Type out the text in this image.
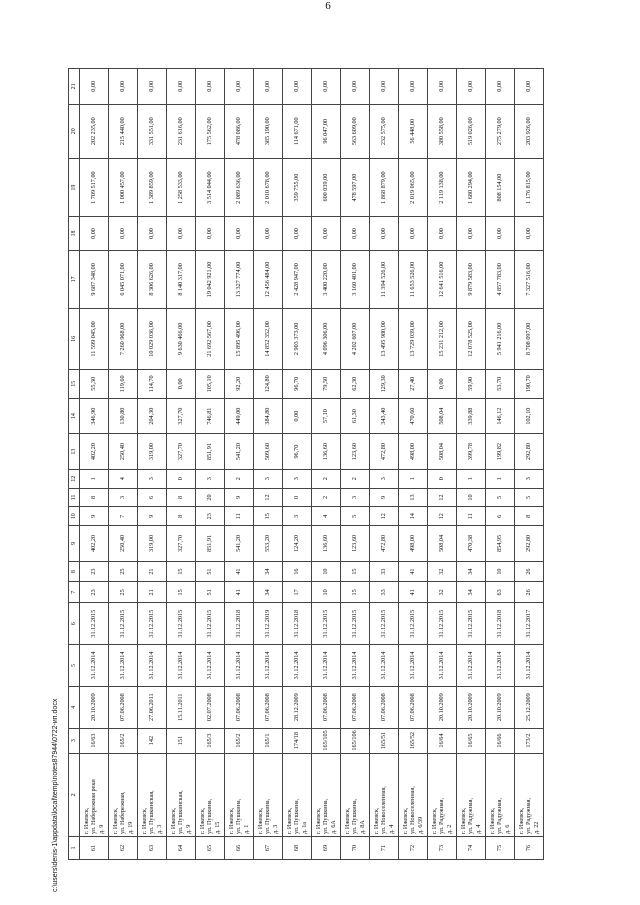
6
1	2	3	4	5	6	7	8	9	10	11	12	13	14	15	16	17	18	19	20	21
61	г. Ижевск,
ул. Набережная реки
д. 9	16/63	20.10.2009	31.12.2014	31.12.2015	23	23	402,20	9	8	1	402,20	346,90	55,30	11 599 045,00	9 687 348,00	0,00	1 709 517,00	202 235,00	0,00
62	г. Ижевск,
ул. Набережная,
д. 19	165/2	07.06.2008	31.12.2014	31.12.2015	25	25	250,40	7	3	4	250,40	130,80	119,60	7 260 968,00	6 045 071,00	0,00	1 000 457,00	215 440,00	0,00
63	г. Ижевск,
ул. Пушкинская,
д. 3	142	27.06.2011	31.12.2014	31.12.2015	21	21	319,00	9	6	3	319,00	204,30	114,70	10 029 036,00	8 306 626,00	0,00	1 389 859,00	331 551,00	0,00
64	г. Ижевск,
ул. Пушкинская,
д. 9	151	15.11.2011	31.12.2014	31.12.2015	15	15	327,70	8	8	0	327,70	327,70	0,00	9 630 466,00	8 140 317,00	0,00	1 258 533,00	231 616,00	0,00
65	г. Ижевск,
ул. Пушкина,
д. 15	165/3	02.07.2008	31.12.2014	31.12.2015	51	51	851,91	23	20	3	851,91	746,81	105,10	21 692 567,00	19 042 921,00	0,00	3 514 044,00	175 562,00	0,00
66	г. Ижевск,
ул. Пушкина,
д. 1	165/2	07.06.2008	31.12.2014	31.12.2018	41	41	541,20	11	9	2	541,20	449,00	92,20	15 895 496,00	13 327 774,00	0,00	2 089 636,00	478 086,00	0,00
67	г. Ижевск,
ул. Пушкина,
д. 3	165/1	07.06.2008	31.12.2014	31.12.2019	34	34	553,20	15	12	3	509,60	384,80	124,80	14 852 352,00	12 456 484,00	0,00	2 010 678,00	385 190,00	0,00
68	г. Ижевск,
ул. Пушкина,
д. 1а	174/18	28.12.2009	31.12.2014	31.12.2018	17	16	124,20	3	0	3	96,70	0,00	96,70	2 903 373,00	2 428 947,00	0,00	359 755,00	114 671,00	0,00
69	г. Ижевск,
ул. Пушкина,
д. 6А	165/105	07.06.2008	31.12.2014	31.12.2015	10	10	136,60	4	2	2	136,60	57,10	79,50	4 096 306,00	3 400 220,00	0,00	600 039,00	96 047,00	0,00
70	г. Ижевск,
ул. Пушкина,
д. 8А	165/106	07.06.2008	31.12.2014	31.12.2015	15	15	123,60	5	3	2	123,60	61,30	62,30	4 202 607,00	3 160 401,00	0,00	478 597,00	563 609,00	0,00
71	г. Ижевск,
ул. Новоселенная,
д. 4	165/51	07.06.2008	31.12.2014	31.12.2015	33	33	472,80	12	9	3	472,80	343,40	129,30	13 495 980,00	11 394 526,00	0,00	1 868 879,00	232 575,00	0,00
72	г. Ижевск,
ул. Новоселенная,
д. 6/39	165/52	07.06.2008	31.12.2014	31.12.2015	41	41	498,00	14	13	1	498,00	470,60	27,40	13 729 039,00	11 653 526,00	0,00	2 019 065,00	56 448,00	0,00
73	г. Ижевск,
ул. Радужная,
д. 2	16/64	20.10.2009	31.12.2014	31.12.2015	32	32	508,04	12	12	0	508,04	508,04	0,00	15 231 212,00	12 641 516,00	0,00	2 119 138,00	380 558,00	0,00
74	г. Ижевск,
ул. Радужная,
д. 4	16/65	20.10.2009	31.12.2014	31.12.2015	34	34	470,38	11	10	1	399,78	339,88	59,90	12 078 525,00	9 879 583,00	0,00	1 680 294,00	519 026,00	0,00
75	г. Ижевск,
ул. Радужная,
д. 6	16/66	20.10.2009	31.12.2014	31.12.2018	63	10	854,95	6	5	1	199,82	146,12	53,70	5 941 216,00	4 857 783,00	0,00	808 154,00	275 279,00	0,00
76	г. Ижевск,
ул. Радужная,
д. 22	173/2	25.12.2009	31.12.2014	31.12.2017	26	26	292,80	8	5	3	292,80	102,10	190,70	8 708 097,00	7 327 516,00	0,00	1 176 815,00	203 926,00	0,00
c:\users\denis-1\appdata\local\temp\notes87944\0722-ип.docx
